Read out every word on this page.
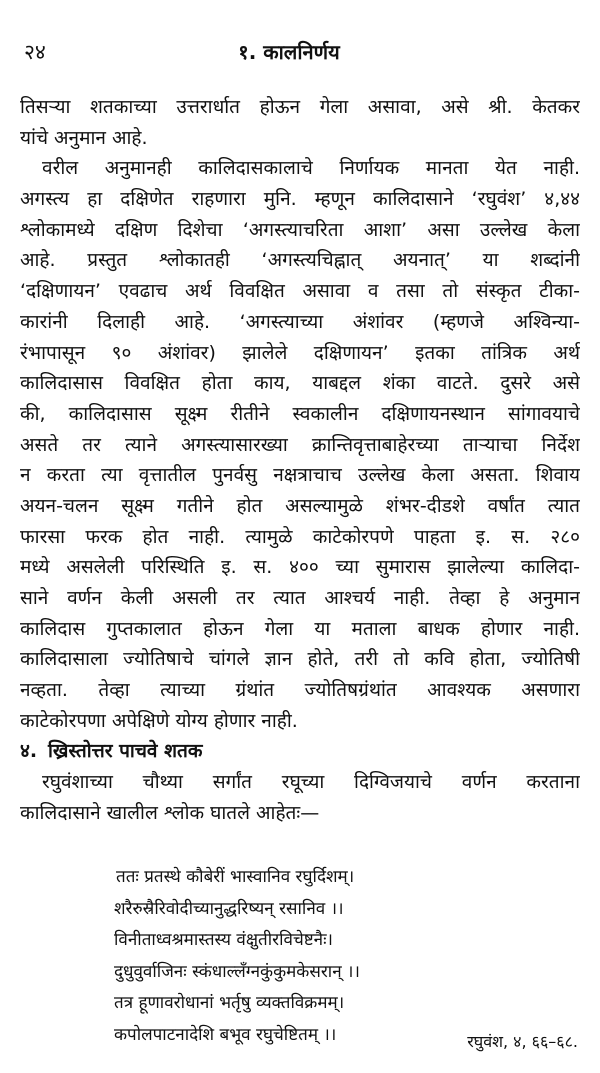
२४	१. कालनिर्णय
तिसऱ्या शतकाच्या उत्तरार्धात होऊन गेला असावा, असे श्री. केतकर
यांचे अनुमान आहे.
वरील अनुमानही कालिदासकालाचे निर्णायक मानता येत नाही.
अगस्त्य हा दक्षिणेत राहणारा मुनि. म्हणून कालिदासाने ‘रघुवंश’ ४,४४
श्लोकामध्ये दक्षिण दिशेचा ‘अगस्त्याचरिता आशा’ असा उल्लेख केला
आहे. प्रस्तुत श्लोकातही ‘अगस्त्यचिह्नात् अयनात्’ या शब्दांनी
‘दक्षिणायन’ एवढाच अर्थ विवक्षित असावा व तसा तो संस्कृत टीका-
कारांनी दिलाही आहे. ‘अगस्त्याच्या अंशांवर (म्हणजे अश्विन्या-
रंभापासून ९० अंशांवर) झालेले दक्षिणायन’ इतका तांत्रिक अर्थ
कालिदासास विवक्षित होता काय, याबद्दल शंका वाटते. दुसरे असे
की, कालिदासास सूक्ष्म रीतीने स्वकालीन दक्षिणायनस्थान सांगावयाचे
असते तर त्याने अगस्त्यासारख्या क्रान्तिवृत्ताबाहेरच्या ताऱ्याचा निर्देश
न करता त्या वृत्तातील पुनर्वसु नक्षत्राचाच उल्लेख केला असता. शिवाय
अयन-चलन सूक्ष्म गतीने होत असल्यामुळे शंभर-दीडशे वर्षांत त्यात
फारसा फरक होत नाही. त्यामुळे काटेकोरपणे पाहता इ. स. २८०
मध्ये असलेली परिस्थिति इ. स. ४०० च्या सुमारास झालेल्या कालिदा-
साने वर्णन केली असली तर त्यात आश्चर्य नाही. तेव्हा हे अनुमान
कालिदास गुप्तकालात होऊन गेला या मताला बाधक होणार नाही.
कालिदासाला ज्योतिषाचे चांगले ज्ञान होते, तरी तो कवि होता, ज्योतिषी
नव्हता. तेव्हा त्याच्या ग्रंथांत ज्योतिषग्रंथांत आवश्यक असणारा
काटेकोरपणा अपेक्षिणे योग्य होणार नाही.
४. ख्रिस्तोत्तर पाचवे शतक
रघुवंशाच्या चौथ्या सर्गांत रघूच्या दिग्विजयाचे वर्णन करताना
कालिदासाने खालील श्लोक घातले आहेतः—
ततः प्रतस्थे कौबेरीं भास्वानिव रघुर्दिशम्।
शरैरुस्रैरिवोदीच्यानुद्धरिष्यन् रसानिव ।।
विनीताध्वश्रमास्तस्य वंक्षुतीरविचेष्टनैः।
दुधुवुर्वाजिनः स्कंधाल्लॅंग्नकुंकुमकेसरान् ।।
तत्र हूणावरोधानां भर्तृषु व्यक्तविक्रमम्।
कपोलपाटनादेशि बभूव रघुचेष्टितम् ।।	रघुवंश, ४, ६६–६८.
